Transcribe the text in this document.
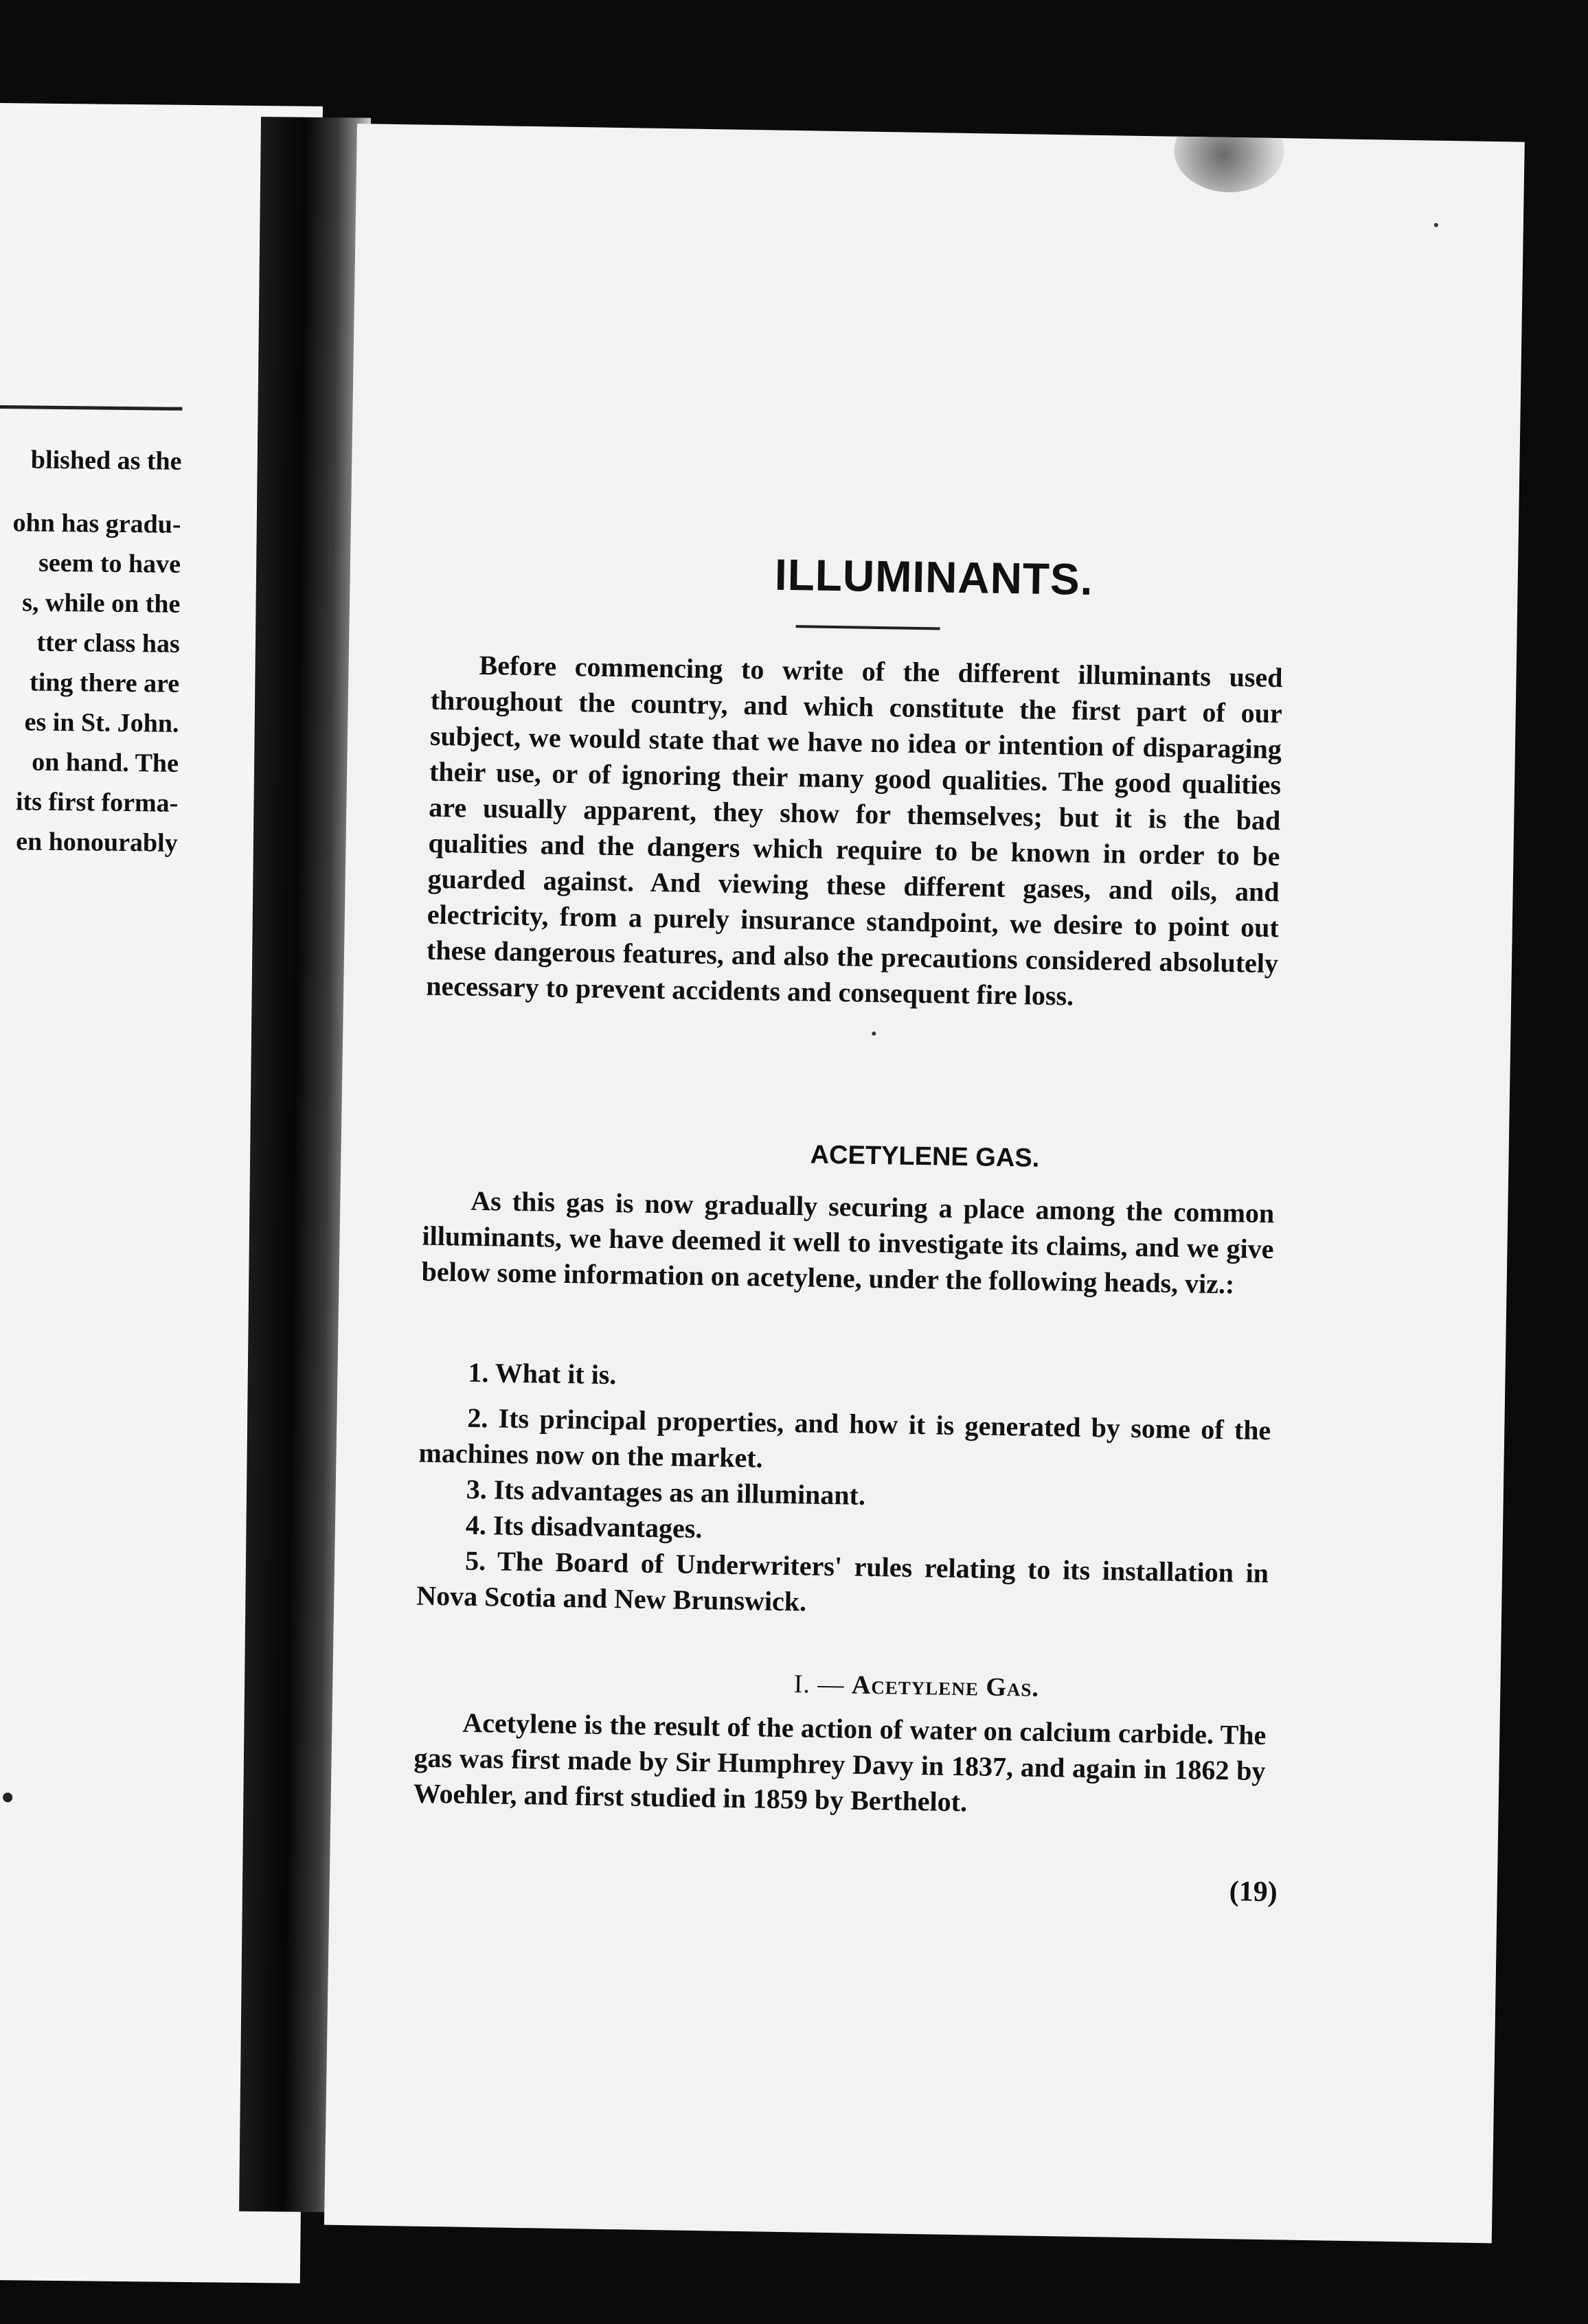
blished as the
ohn has gradu-
seem to have
s, while on the
tter class has
ting there are
es in St. John.
on hand. The
its first forma-
en honourably
ILLUMINANTS.
Before commencing to write of the different illuminants used throughout the country, and which constitute the first part of our subject, we would state that we have no idea or intention of disparaging their use, or of ignoring their many good qualities. The good qualities are usually apparent, they show for themselves; but it is the bad qualities and the dangers which require to be known in order to be guarded against. And viewing these different gases, and oils, and electricity, from a purely insurance standpoint, we desire to point out these dangerous features, and also the precautions considered absolutely necessary to prevent accidents and consequent fire loss.
ACETYLENE GAS.
As this gas is now gradually securing a place among the common illuminants, we have deemed it well to investigate its claims, and we give below some information on acetylene, under the following heads, viz.:
1. What it is.
2. Its principal properties, and how it is generated by some of the machines now on the market.
3. Its advantages as an illuminant.
4. Its disadvantages.
5. The Board of Underwriters' rules relating to its installation in Nova Scotia and New Brunswick.
I. — Acetylene Gas.
Acetylene is the result of the action of water on calcium carbide. The gas was first made by Sir Humphrey Davy in 1837, and again in 1862 by Woehler, and first studied in 1859 by Berthelot.
(19)
